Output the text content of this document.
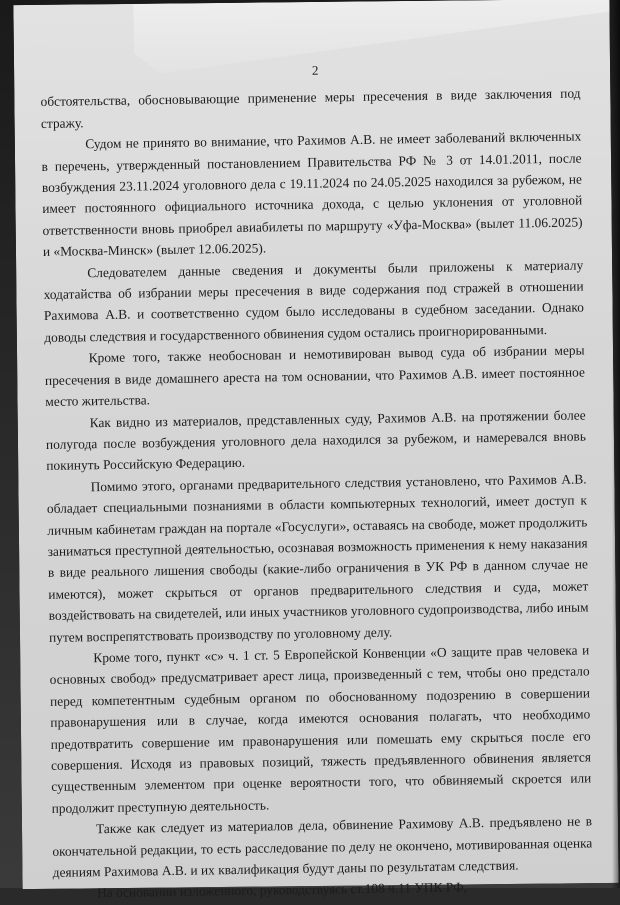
2

обстоятельства, обосновывающие применение меры пресечения в виде заключения под стражу.

Судом не принято во внимание, что Рахимов А.В. не имеет заболеваний включенных в перечень, утвержденный постановлением Правительства РФ № 3 от 14.01.2011, после возбуждения 23.11.2024 уголовного дела с 19.11.2024 по 24.05.2025 находился за рубежом, не имеет постоянного официального источника дохода, с целью уклонения от уголовной ответственности вновь приобрел авиабилеты по маршруту «Уфа-Москва» (вылет 11.06.2025) и «Москва-Минск» (вылет 12.06.2025).

Следователем данные сведения и документы были приложены к материалу ходатайства об избрании меры пресечения в виде содержания под стражей в отношении Рахимова А.В. и соответственно судом было исследованы в судебном заседании. Однако доводы следствия и государственного обвинения судом остались проигнорированными.

Кроме того, также необоснован и немотивирован вывод суда об избрании меры пресечения в виде домашнего ареста на том основании, что Рахимов А.В. имеет постоянное место жительства.

Как видно из материалов, представленных суду, Рахимов А.В. на протяжении более полугода после возбуждения уголовного дела находился за рубежом, и намеревался вновь покинуть Российскую Федерацию.

Помимо этого, органами предварительного следствия установлено, что Рахимов А.В. обладает специальными познаниями в области компьютерных технологий, имеет доступ к личным кабинетам граждан на портале «Госуслуги», оставаясь на свободе, может продолжить заниматься преступной деятельностью, осознавая возможность применения к нему наказания в виде реального лишения свободы (какие-либо ограничения в УК РФ в данном случае не имеются), может скрыться от органов предварительного следствия и суда, может воздействовать на свидетелей, или иных участников уголовного судопроизводства, либо иным путем воспрепятствовать производству по уголовному делу.

Кроме того, пункт «с» ч. 1 ст. 5 Европейской Конвенции «О защите прав человека и основных свобод» предусматривает арест лица, произведенный с тем, чтобы оно предстало перед компетентным судебным органом по обоснованному подозрению в совершении правонарушения или в случае, когда имеются основания полагать, что необходимо предотвратить совершение им правонарушения или помешать ему скрыться после его совершения. Исходя из правовых позиций, тяжесть предъявленного обвинения является существенным элементом при оценке вероятности того, что обвиняемый скроется или продолжит преступную деятельность.

Также как следует из материалов дела, обвинение Рахимову А.В. предъявлено не в окончательной редакции, то есть расследование по делу не окончено, мотивированная оценка деяниям Рахимова А.В. и их квалификация будут даны по результатам следствия.

На основании изложенного, руководствуясь ст.108 ч.11 УПК РФ,
